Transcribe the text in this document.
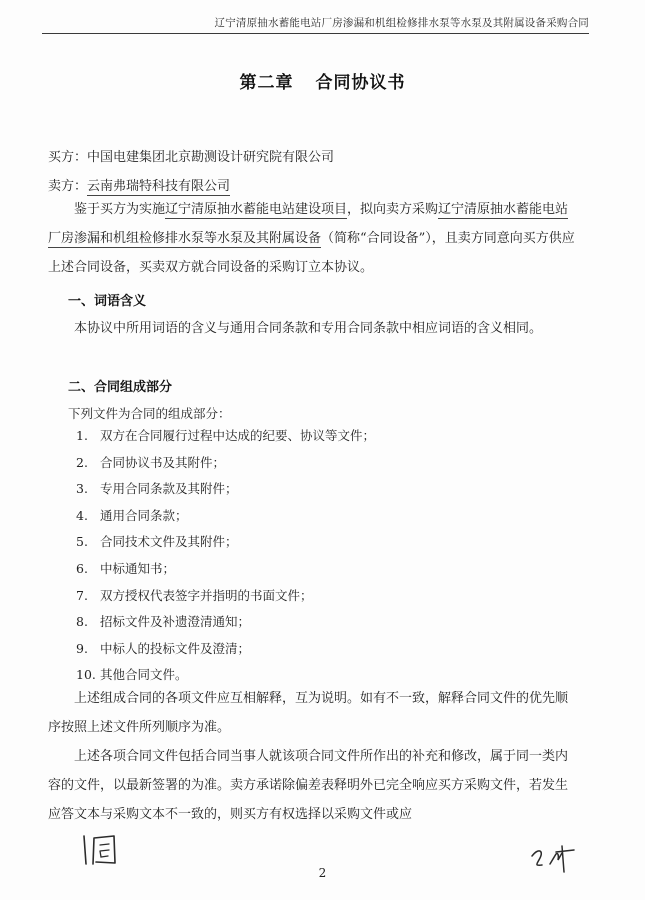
辽宁清原抽水蓄能电站厂房渗漏和机组检修排水泵等水泵及其附属设备采购合同
第二章 合同协议书
买方：中国电建集团北京勘测设计研究院有限公司
卖方：云南弗瑞特科技有限公司
鉴于买方为实施辽宁清原抽水蓄能电站建设项目，拟向卖方采购辽宁清原抽水蓄能电站厂房渗漏和机组检修排水泵等水泵及其附属设备（简称“合同设备”），且卖方同意向买方供应上述合同设备，买卖双方就合同设备的采购订立本协议。
一、词语含义
本协议中所用词语的含义与通用合同条款和专用合同条款中相应词语的含义相同。
二、合同组成部分
下列文件为合同的组成部分：
1. 双方在合同履行过程中达成的纪要、协议等文件；
2. 合同协议书及其附件；
3. 专用合同条款及其附件；
4. 通用合同条款；
5. 合同技术文件及其附件；
6. 中标通知书；
7. 双方授权代表签字并指明的书面文件；
8. 招标文件及补遗澄清通知；
9. 中标人的投标文件及澄清；
10. 其他合同文件。
上述组成合同的各项文件应互相解释，互为说明。如有不一致，解释合同文件的优先顺序按照上述文件所列顺序为准。
上述各项合同文件包括合同当事人就该项合同文件所作出的补充和修改，属于同一类内容的文件，以最新签署的为准。卖方承诺除偏差表释明外已完全响应买方采购文件，若发生应答文本与采购文本不一致的，则买方有权选择以采购文件或应
2
